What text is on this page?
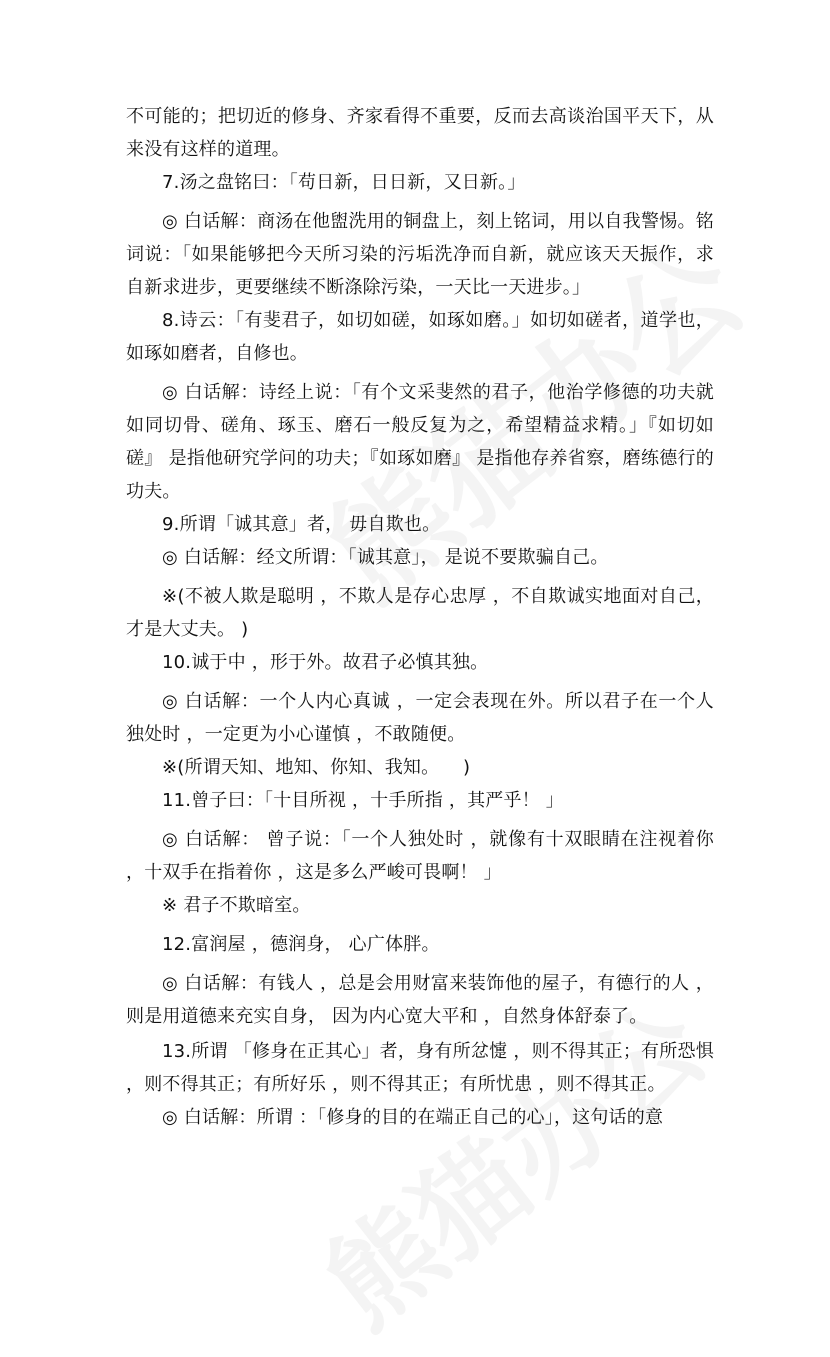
不可能的；把切近的修身、齐家看得不重要，反而去高谈治国平天下，从来没有这样的道理。

7.汤之盘铭曰：「苟日新，日日新，又日新。」

◎ 白话解：商汤在他盥洗用的铜盘上，刻上铭词，用以自我警惕。铭词说：「如果能够把今天所习染的污垢洗净而自新，就应该天天振作，求自新求进步，更要继续不断涤除污染，一天比一天进步。」

8.诗云：「有斐君子，如切如磋，如琢如磨。」如切如磋者，道学也，如琢如磨者，自修也。

◎ 白话解：诗经上说：「有个文采斐然的君子，他治学修德的功夫就如同切骨、磋角、琢玉、磨石一般反复为之，希望精益求精。」『如切如磋』 是指他研究学问的功夫；『如琢如磨』 是指他存养省察，磨练德行的功夫。

9.所谓「诚其意」者， 毋自欺也。

◎ 白话解：经文所谓：「诚其意」， 是说不要欺骗自己。

※(不被人欺是聪明 ，不欺人是存心忠厚 ，不自欺诚实地面对自己，才是大丈夫。 )

10.诚于中 ，形于外。故君子必慎其独。

◎ 白话解：一个人内心真诚 ，一定会表现在外。所以君子在一个人独处时 ，一定更为小心谨慎 ，不敢随便。

※(所谓天知、地知、你知、我知。    )

11.曾子曰：「十目所视 ，十手所指 ，其严乎！ 」

◎ 白话解： 曾子说：「一个人独处时 ，就像有十双眼睛在注视着你 ，十双手在指着你 ，这是多么严峻可畏啊！ 」

※ 君子不欺暗室。

12.富润屋 ，德润身， 心广体胖。

◎ 白话解：有钱人 ，总是会用财富来装饰他的屋子，有德行的人 ，则是用道德来充实自身， 因为内心宽大平和 ，自然身体舒泰了。

13.所谓 「修身在正其心」者，身有所忿懥 ，则不得其正；有所恐惧 ，则不得其正；有所好乐 ，则不得其正；有所忧患 ，则不得其正。

◎ 白话解：所谓 ：「修身的目的在端正自己的心」，这句话的意
